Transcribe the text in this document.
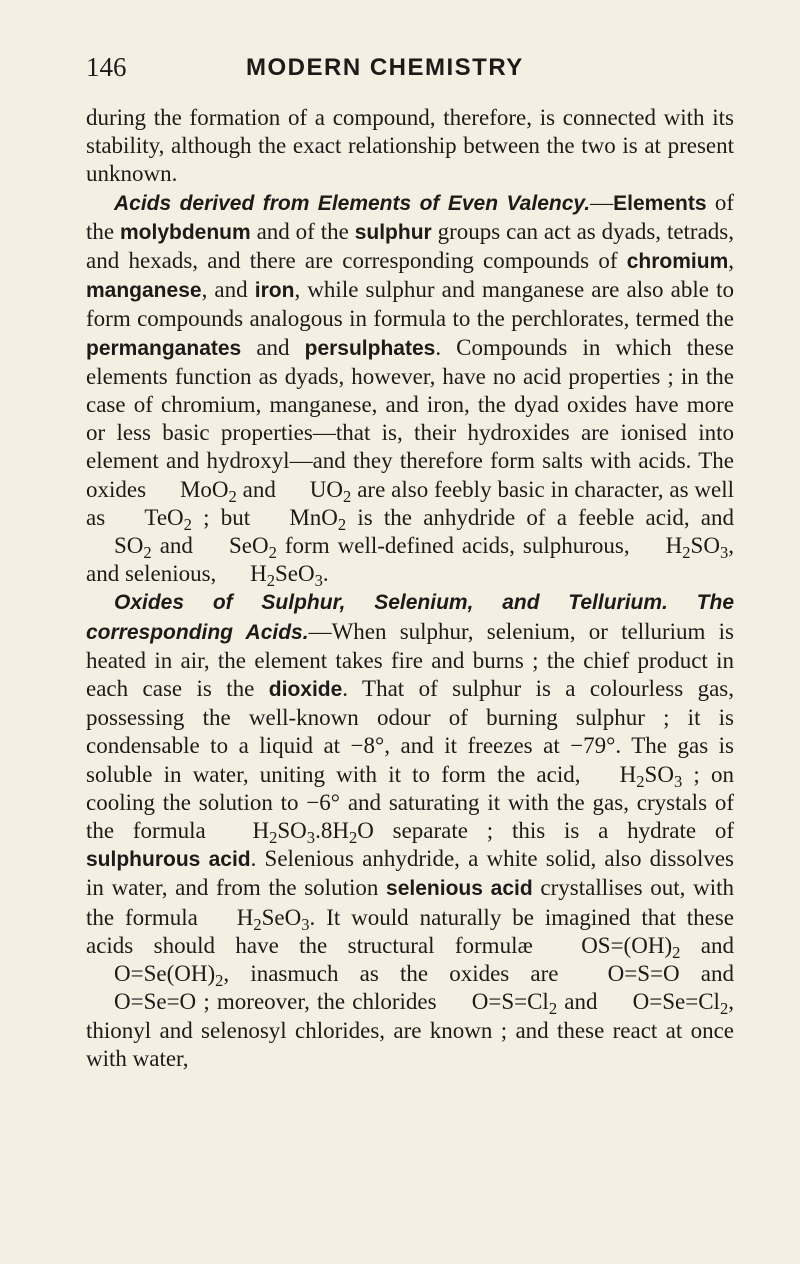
146	MODERN CHEMISTRY

during the formation of a compound, therefore, is connected with its stability, although the exact relationship between the two is at present unknown.

Acids derived from Elements of Even Valency.—Elements of the molybdenum and of the sulphur groups can act as dyads, tetrads, and hexads, and there are corresponding compounds of chromium, manganese, and iron, while sulphur and manganese are also able to form compounds analogous in formula to the perchlorates, termed the permanganates and persulphates. Compounds in which these elements function as dyads, however, have no acid properties ; in the case of chromium, manganese, and iron, the dyad oxides have more or less basic properties—that is, their hydroxides are ionised into element and hydroxyl—and they therefore form salts with acids. The oxides MoO$_2$ and $UO_2$ are also feebly basic in character, as well as TeO$_2$ ; but MnO$_2$ is the anhydride of a feeble acid, and $SO_2$ and SeO$_2$ form well-defined acids, sulphurous, $H_2SO_3$, and selenious, $H_2SeO_3$.

Oxides of Sulphur, Selenium, and Tellurium. The corresponding Acids.—When sulphur, selenium, or tellurium is heated in air, the element takes fire and burns ; the chief product in each case is the dioxide. That of sulphur is a colourless gas, possessing the well-known odour of burning sulphur ; it is condensable to a liquid at −8°, and it freezes at −79°. The gas is soluble in water, uniting with it to form the acid, $H_2SO_3$ ; on cooling the solution to −6° and saturating it with the gas, crystals of the formula $H_2SO_3.8H_2O$ separate ; this is a hydrate of sulphurous acid. Selenious anhydride, a white solid, also dissolves in water, and from the solution selenious acid crystallises out, with the formula $H_2SeO_3$. It would naturally be imagined that these acids should have the structural formulæ $OS=(OH)_2$ and $O=Se(OH)_2$, inasmuch as the oxides are O=S=O and O=Se=O ; moreover, the chlorides $O=S=Cl_2$ and $O=Se=Cl_2$, thionyl and selenosyl chlorides, are known ; and these react at once with water,
